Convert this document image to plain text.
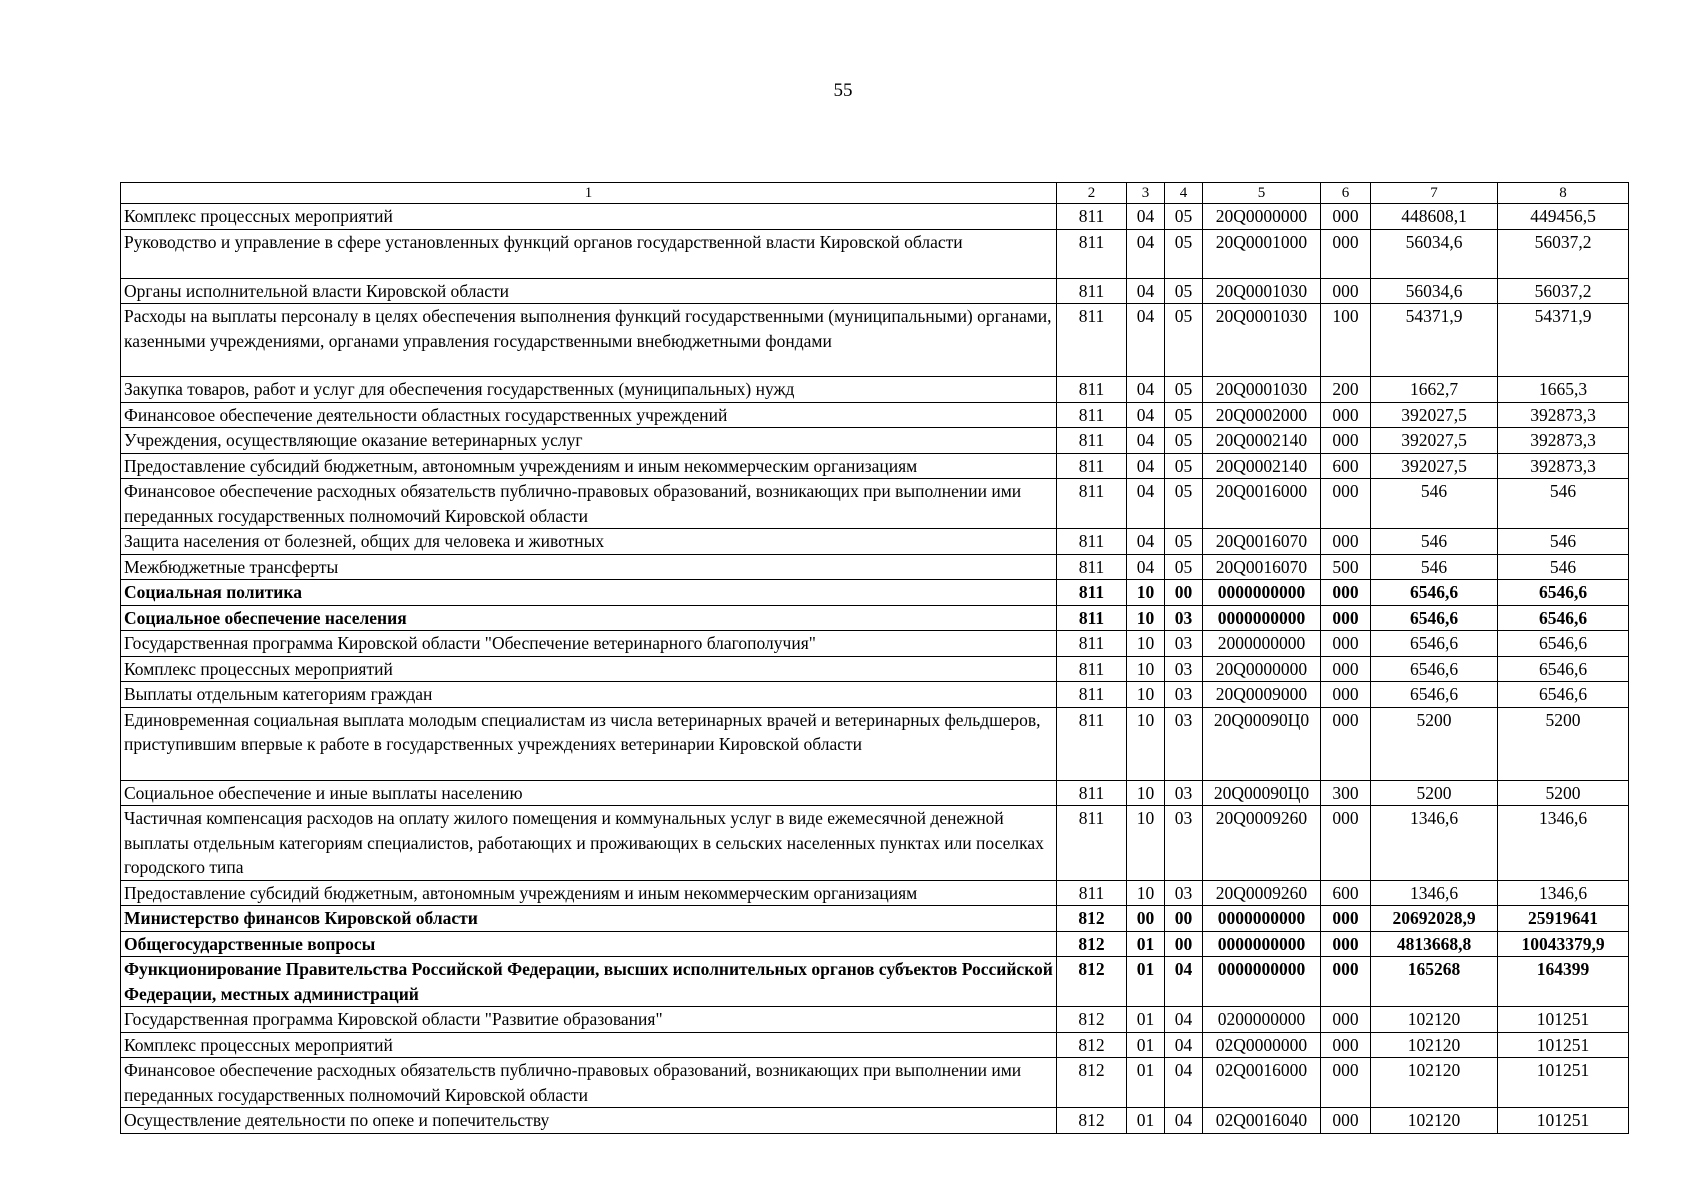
55
1	2	3	4	5	6	7	8
Комплекс процессных мероприятий	811	04	05	20Q0000000	000	448608,1	449456,5
Руководство и управление в сфере установленных функций органов государственной власти Кировской области	811	04	05	20Q0001000	000	56034,6	56037,2
Органы исполнительной власти Кировской области	811	04	05	20Q0001030	000	56034,6	56037,2
Расходы на выплаты персоналу в целях обеспечения выполнения функций государственными (муниципальными) органами, казенными учреждениями, органами управления государственными внебюджетными фондами	811	04	05	20Q0001030	100	54371,9	54371,9
Закупка товаров, работ и услуг для обеспечения государственных (муниципальных) нужд	811	04	05	20Q0001030	200	1662,7	1665,3
Финансовое обеспечение деятельности областных государственных учреждений	811	04	05	20Q0002000	000	392027,5	392873,3
Учреждения, осуществляющие оказание ветеринарных услуг	811	04	05	20Q0002140	000	392027,5	392873,3
Предоставление субсидий бюджетным, автономным учреждениям и иным некоммерческим организациям	811	04	05	20Q0002140	600	392027,5	392873,3
Финансовое обеспечение расходных обязательств публично-правовых образований, возникающих при выполнении ими переданных государственных полномочий Кировской области	811	04	05	20Q0016000	000	546	546
Защита населения от болезней, общих для человека и животных	811	04	05	20Q0016070	000	546	546
Межбюджетные трансферты	811	04	05	20Q0016070	500	546	546
Социальная политика	811	10	00	0000000000	000	6546,6	6546,6
Социальное обеспечение населения	811	10	03	0000000000	000	6546,6	6546,6
Государственная программа Кировской области "Обеспечение ветеринарного благополучия"	811	10	03	2000000000	000	6546,6	6546,6
Комплекс процессных мероприятий	811	10	03	20Q0000000	000	6546,6	6546,6
Выплаты отдельным категориям граждан	811	10	03	20Q0009000	000	6546,6	6546,6
Единовременная социальная выплата молодым специалистам из числа ветеринарных врачей и ветеринарных фельдшеров, приступившим впервые к работе в государственных учреждениях ветеринарии Кировской области	811	10	03	20Q00090Ц0	000	5200	5200
Социальное обеспечение и иные выплаты населению	811	10	03	20Q00090Ц0	300	5200	5200
Частичная компенсация расходов на оплату жилого помещения и коммунальных услуг в виде ежемесячной денежной выплаты отдельным категориям специалистов, работающих и проживающих в сельских населенных пунктах или поселках городского типа	811	10	03	20Q0009260	000	1346,6	1346,6
Предоставление субсидий бюджетным, автономным учреждениям и иным некоммерческим организациям	811	10	03	20Q0009260	600	1346,6	1346,6
Министерство финансов Кировской области	812	00	00	0000000000	000	20692028,9	25919641
Общегосударственные вопросы	812	01	00	0000000000	000	4813668,8	10043379,9
Функционирование Правительства Российской Федерации, высших исполнительных органов субъектов Российской Федерации, местных администраций	812	01	04	0000000000	000	165268	164399
Государственная программа Кировской области "Развитие образования"	812	01	04	0200000000	000	102120	101251
Комплекс процессных мероприятий	812	01	04	02Q0000000	000	102120	101251
Финансовое обеспечение расходных обязательств публично-правовых образований, возникающих при выполнении ими переданных государственных полномочий Кировской области	812	01	04	02Q0016000	000	102120	101251
Осуществление деятельности по опеке и попечительству	812	01	04	02Q0016040	000	102120	101251
